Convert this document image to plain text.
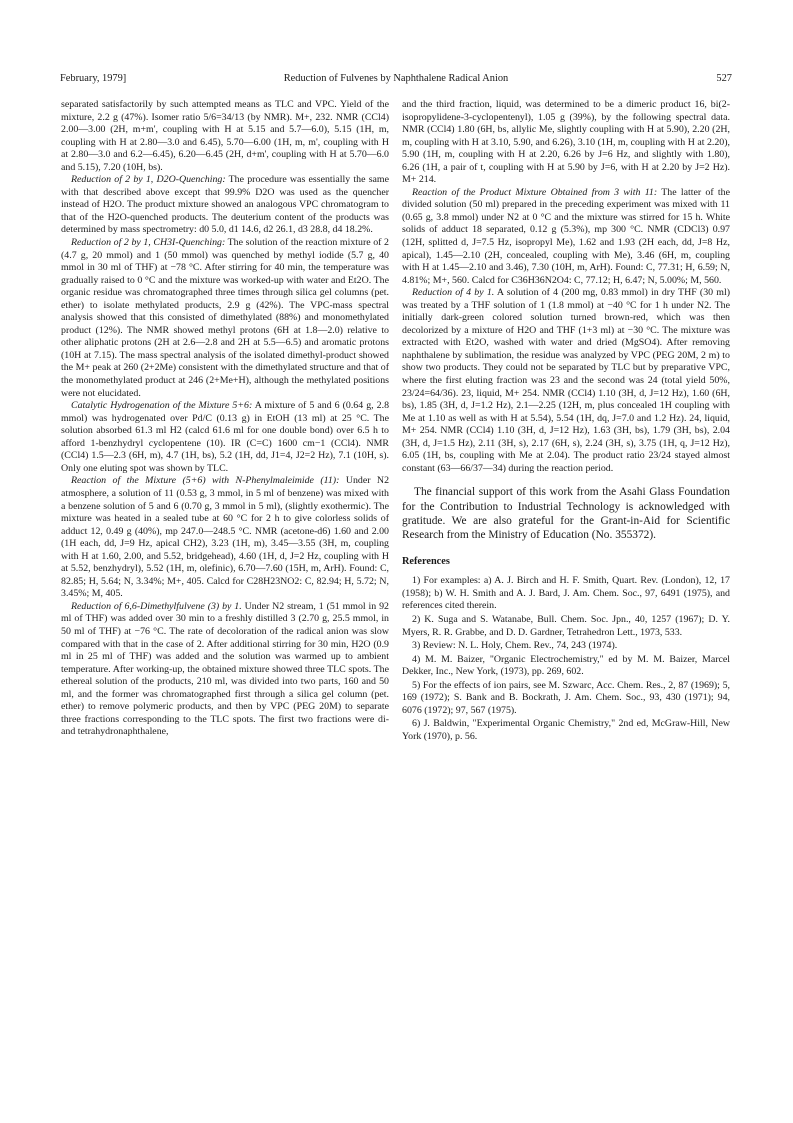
February, 1979]	Reduction of Fulvenes by Naphthalene Radical Anion	527

separated satisfactorily by such attempted means as TLC and VPC. Yield of the mixture, 2.2 g (47%). Isomer ratio 5/6=34/13 (by NMR). M+, 232. NMR (CCl4) 2.00—3.00 (2H, m+m', coupling with H at 5.15 and 5.7—6.0), 5.15 (1H, m, coupling with H at 2.80—3.0 and 6.45), 5.70—6.00 (1H, m, m', coupling with H at 2.80—3.0 and 6.2—6.45), 6.20—6.45 (2H, d+m', coupling with H at 5.70—6.0 and 5.15), 7.20 (10H, bs).

Reduction of 2 by 1, D2O-Quenching: The procedure was essentially the same with that described above except that 99.9% D2O was used as the quencher instead of H2O. The product mixture showed an analogous VPC chromatogram to that of the H2O-quenched products. The deuterium content of the products was determined by mass spectrometry: d0 5.0, d1 14.6, d2 26.1, d3 28.8, d4 18.2%.

Reduction of 2 by 1, CH3I-Quenching: The solution of the reaction mixture of 2 (4.7 g, 20 mmol) and 1 (50 mmol) was quenched by methyl iodide (5.7 g, 40 mmol in 30 ml of THF) at −78 °C. After stirring for 40 min, the temperature was gradually raised to 0 °C and the mixture was worked-up with water and Et2O. The organic residue was chromatographed three times through silica gel columns (pet. ether) to isolate methylated products, 2.9 g (42%). The VPC-mass spectral analysis showed that this consisted of dimethylated (88%) and monomethylated product (12%). The NMR showed methyl protons (6H at 1.8—2.0) relative to other aliphatic protons (2H at 2.6—2.8 and 2H at 5.5—6.5) and aromatic protons (10H at 7.15). The mass spectral analysis of the isolated dimethyl-product showed the M+ peak at 260 (2+2Me) consistent with the dimethylated structure and that of the monomethylated product at 246 (2+Me+H), although the methylated positions were not elucidated.

Catalytic Hydrogenation of the Mixture 5+6: A mixture of 5 and 6 (0.64 g, 2.8 mmol) was hydrogenated over Pd/C (0.13 g) in EtOH (13 ml) at 25 °C. The solution absorbed 61.3 ml H2 (calcd 61.6 ml for one double bond) over 6.5 h to afford 1-benzhydryl cyclopentene (10). IR (C=C) 1600 cm−1 (CCl4). NMR (CCl4) 1.5—2.3 (6H, m), 4.7 (1H, bs), 5.2 (1H, dd, J1=4, J2=2 Hz), 7.1 (10H, s). Only one eluting spot was shown by TLC.

Reaction of the Mixture (5+6) with N-Phenylmaleimide (11): Under N2 atmosphere, a solution of 11 (0.53 g, 3 mmol, in 5 ml of benzene) was mixed with a benzene solution of 5 and 6 (0.70 g, 3 mmol in 5 ml), (slightly exothermic). The mixture was heated in a sealed tube at 60 °C for 2 h to give colorless solids of adduct 12, 0.49 g (40%), mp 247.0—248.5 °C. NMR (acetone-d6) 1.60 and 2.00 (1H each, dd, J=9 Hz, apical CH2), 3.23 (1H, m), 3.45—3.55 (3H, m, coupling with H at 1.60, 2.00, and 5.52, bridgehead), 4.60 (1H, d, J=2 Hz, coupling with H at 5.52, benzhydryl), 5.52 (1H, m, olefinic), 6.70—7.60 (15H, m, ArH). Found: C, 82.85; H, 5.64; N, 3.34%; M+, 405. Calcd for C28H23NO2: C, 82.94; H, 5.72; N, 3.45%; M, 405.

Reduction of 6,6-Dimethylfulvene (3) by 1. Under N2 stream, 1 (51 mmol in 92 ml of THF) was added over 30 min to a freshly distilled 3 (2.70 g, 25.5 mmol, in 50 ml of THF) at −76 °C. The rate of decoloration of the radical anion was slow compared with that in the case of 2. After additional stirring for 30 min, H2O (0.9 ml in 25 ml of THF) was added and the solution was warmed up to ambient temperature. After working-up, the obtained mixture showed three TLC spots. The ethereal solution of the products, 210 ml, was divided into two parts, 160 and 50 ml, and the former was chromatographed first through a silica gel column (pet. ether) to remove polymeric products, and then by VPC (PEG 20M) to separate three fractions corresponding to the TLC spots. The first two fractions were di- and tetrahydronaphthalene,

and the third fraction, liquid, was determined to be a dimeric product 16, bi(2-isopropylidene-3-cyclopentenyl), 1.05 g (39%), by the following spectral data. NMR (CCl4) 1.80 (6H, bs, allylic Me, slightly coupling with H at 5.90), 2.20 (2H, m, coupling with H at 3.10, 5.90, and 6.26), 3.10 (1H, m, coupling with H at 2.20), 5.90 (1H, m, coupling with H at 2.20, 6.26 by J=6 Hz, and slightly with 1.80), 6.26 (1H, a pair of t, coupling with H at 5.90 by J=6, with H at 2.20 by J=2 Hz). M+ 214.

Reaction of the Product Mixture Obtained from 3 with 11: The latter of the divided solution (50 ml) prepared in the preceding experiment was mixed with 11 (0.65 g, 3.8 mmol) under N2 at 0 °C and the mixture was stirred for 15 h. White solids of adduct 18 separated, 0.12 g (5.3%), mp 300 °C. NMR (CDCl3) 0.97 (12H, splitted d, J=7.5 Hz, isopropyl Me), 1.62 and 1.93 (2H each, dd, J=8 Hz, apical), 1.45—2.10 (2H, concealed, coupling with Me), 3.46 (6H, m, coupling with H at 1.45—2.10 and 3.46), 7.30 (10H, m, ArH). Found: C, 77.31; H, 6.59; N, 4.81%; M+, 560. Calcd for C36H36N2O4: C, 77.12; H, 6.47; N, 5.00%; M, 560.

Reduction of 4 by 1. A solution of 4 (200 mg, 0.83 mmol) in dry THF (30 ml) was treated by a THF solution of 1 (1.8 mmol) at −40 °C for 1 h under N2. The initially dark-green colored solution turned brown-red, which was then decolorized by a mixture of H2O and THF (1+3 ml) at −30 °C. The mixture was extracted with Et2O, washed with water and dried (MgSO4). After removing naphthalene by sublimation, the residue was analyzed by VPC (PEG 20M, 2 m) to show two products. They could not be separated by TLC but by preparative VPC, where the first eluting fraction was 23 and the second was 24 (total yield 50%, 23/24=64/36). 23, liquid, M+ 254. NMR (CCl4) 1.10 (3H, d, J=12 Hz), 1.60 (6H, bs), 1.85 (3H, d, J=1.2 Hz), 2.1—2.25 (12H, m, plus concealed 1H coupling with Me at 1.10 as well as with H at 5.54), 5.54 (1H, dq, J=7.0 and 1.2 Hz). 24, liquid, M+ 254. NMR (CCl4) 1.10 (3H, d, J=12 Hz), 1.63 (3H, bs), 1.79 (3H, bs), 2.04 (3H, d, J=1.5 Hz), 2.11 (3H, s), 2.17 (6H, s), 2.24 (3H, s), 3.75 (1H, q, J=12 Hz), 6.05 (1H, bs, coupling with Me at 2.04). The product ratio 23/24 stayed almost constant (63—66/37—34) during the reaction period.

The financial support of this work from the Asahi Glass Foundation for the Contribution to Industrial Technology is acknowledged with gratitude. We are also grateful for the Grant-in-Aid for Scientific Research from the Ministry of Education (No. 355372).

References

1) For examples: a) A. J. Birch and H. F. Smith, Quart. Rev. (London), 12, 17 (1958); b) W. H. Smith and A. J. Bard, J. Am. Chem. Soc., 97, 6491 (1975), and references cited therein.

2) K. Suga and S. Watanabe, Bull. Chem. Soc. Jpn., 40, 1257 (1967); D. Y. Myers, R. R. Grabbe, and D. D. Gardner, Tetrahedron Lett., 1973, 533.

3) Review: N. L. Holy, Chem. Rev., 74, 243 (1974).

4) M. M. Baizer, "Organic Electrochemistry," ed by M. M. Baizer, Marcel Dekker, Inc., New York, (1973), pp. 269, 602.

5) For the effects of ion pairs, see M. Szwarc, Acc. Chem. Res., 2, 87 (1969); 5, 169 (1972); S. Bank and B. Bockrath, J. Am. Chem. Soc., 93, 430 (1971); 94, 6076 (1972); 97, 567 (1975).

6) J. Baldwin, "Experimental Organic Chemistry," 2nd ed, McGraw-Hill, New York (1970), p. 56.
